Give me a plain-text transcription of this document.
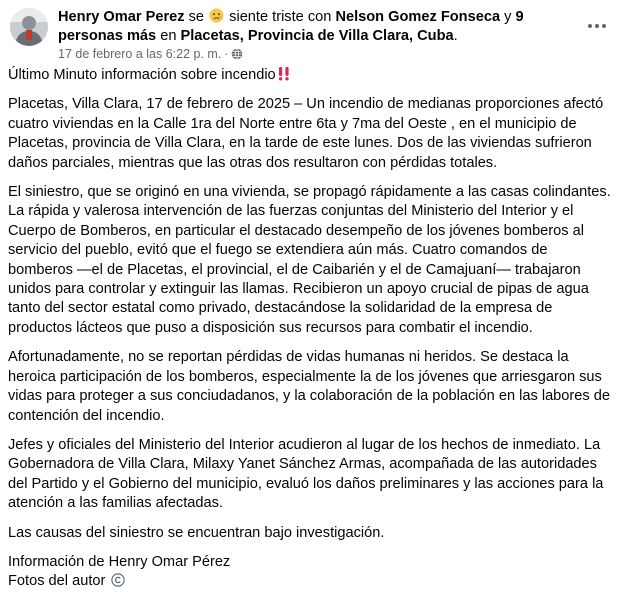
Henry Omar Perez se siente triste con Nelson Gomez Fonseca y 9 personas más en Placetas, Provincia de Villa Clara, Cuba.
17 de febrero a las 6:22 p. m. ·

Último Minuto información sobre incendio

Placetas, Villa Clara, 17 de febrero de 2025 – Un incendio de medianas proporciones afectó cuatro viviendas en la Calle 1ra del Norte entre 6ta y 7ma del Oeste , en el municipio de Placetas, provincia de Villa Clara, en la tarde de este lunes. Dos de las viviendas sufrieron daños parciales, mientras que las otras dos resultaron con pérdidas totales.

El siniestro, que se originó en una vivienda, se propagó rápidamente a las casas colindantes. La rápida y valerosa intervención de las fuerzas conjuntas del Ministerio del Interior y el Cuerpo de Bomberos, en particular el destacado desempeño de los jóvenes bomberos al servicio del pueblo, evitó que el fuego se extendiera aún más. Cuatro comandos de bomberos —el de Placetas, el provincial, el de Caibarién y el de Camajuaní— trabajaron unidos para controlar y extinguir las llamas. Recibieron un apoyo crucial de pipas de agua tanto del sector estatal como privado, destacándose la solidaridad de la empresa de productos lácteos que puso a disposición sus recursos para combatir el incendio.

Afortunadamente, no se reportan pérdidas de vidas humanas ni heridos. Se destaca la heroica participación de los bomberos, especialmente la de los jóvenes que arriesgaron sus vidas para proteger a sus conciudadanos, y la colaboración de la población en las labores de contención del incendio.

Jefes y oficiales del Ministerio del Interior acudieron al lugar de los hechos de inmediato. La Gobernadora de Villa Clara, Milaxy Yanet Sánchez Armas, acompañada de las autoridades del Partido y el Gobierno del municipio, evaluó los daños preliminares y las acciones para la atención a las familias afectadas.

Las causas del siniestro se encuentran bajo investigación.

Información de Henry Omar Pérez

Fotos del autor
